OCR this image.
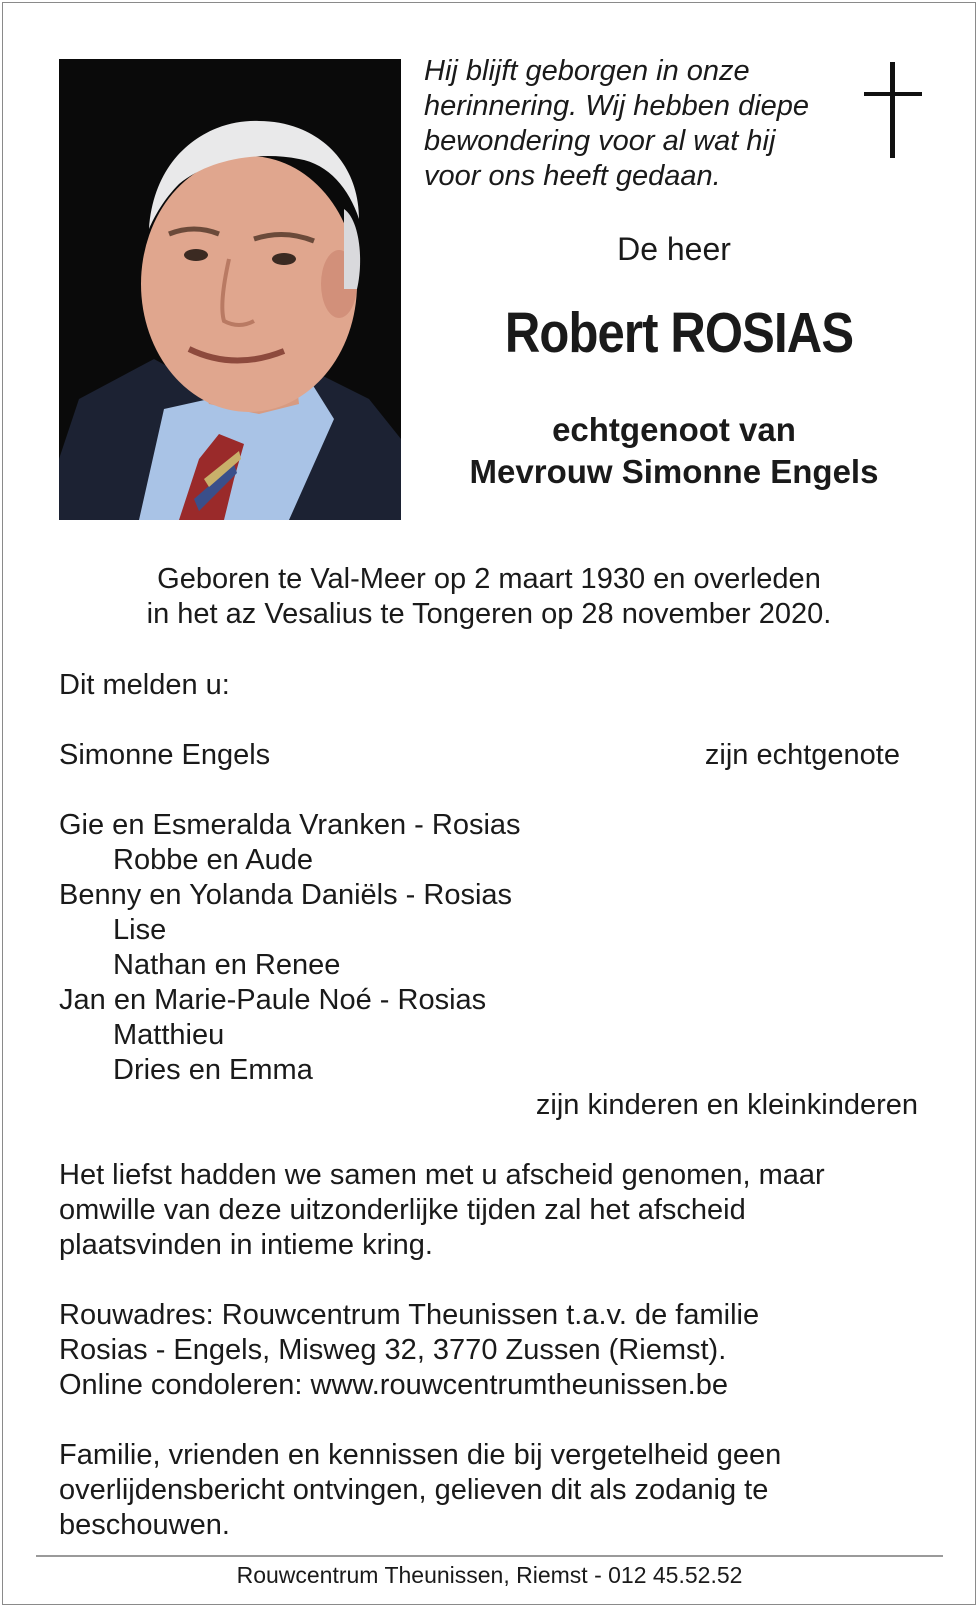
Hij blijft geborgen in onze
herinnering. Wij hebben diepe
bewondering voor al wat hij
voor ons heeft gedaan.
De heer
Robert ROSIAS
echtgenoot van
Mevrouw Simonne Engels
Geboren te Val-Meer op 2 maart 1930 en overleden
in het az Vesalius te Tongeren op 28 november 2020.
Dit melden u:
Simonne Engels	zijn echtgenote
Gie en Esmeralda Vranken - Rosias
Robbe en Aude
Benny en Yolanda Daniëls - Rosias
Lise
Nathan en Renee
Jan en Marie-Paule Noé - Rosias
Matthieu
Dries en Emma
zijn kinderen en kleinkinderen
Het liefst hadden we samen met u afscheid genomen, maar
omwille van deze uitzonderlijke tijden zal het afscheid
plaatsvinden in intieme kring.
Rouwadres: Rouwcentrum Theunissen t.a.v. de familie
Rosias - Engels, Misweg 32, 3770 Zussen (Riemst).
Online condoleren: www.rouwcentrumtheunissen.be
Familie, vrienden en kennissen die bij vergetelheid geen
overlijdensbericht ontvingen, gelieven dit als zodanig te
beschouwen.
Rouwcentrum Theunissen, Riemst - 012 45.52.52
